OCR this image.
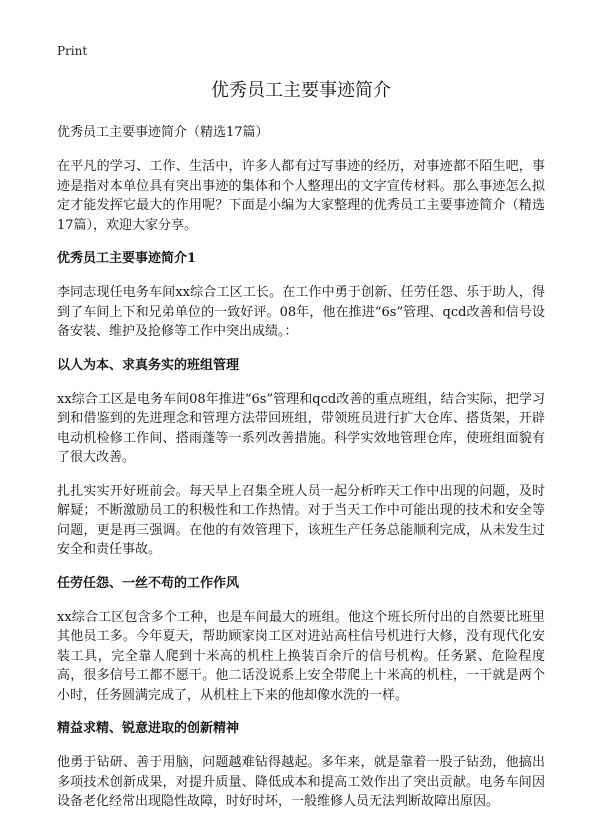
Print
优秀员工主要事迹简介

优秀员工主要事迹简介（精选17篇）

在平凡的学习、工作、生活中，许多人都有过写事迹的经历，对事迹都不陌生吧，事迹是指对本单位具有突出事迹的集体和个人整理出的文字宣传材料。那么事迹怎么拟定才能发挥它最大的作用呢？下面是小编为大家整理的优秀员工主要事迹简介（精选17篇），欢迎大家分享。

优秀员工主要事迹简介1

李同志现任电务车间xx综合工区工长。在工作中勇于创新、任劳任怨、乐于助人，得到了车间上下和兄弟单位的一致好评。08年，他在推进“6s”管理、qcd改善和信号设备安装、维护及抢修等工作中突出成绩。：

以人为本、求真务实的班组管理

xx综合工区是电务车间08年推进“6s”管理和qcd改善的重点班组，结合实际，把学习到和借鉴到的先进理念和管理方法带回班组，带领班员进行扩大仓库、搭货架，开辟电动机检修工作间、搭雨蓬等一系列改善措施。科学实效地管理仓库，使班组面貌有了很大改善。

扎扎实实开好班前会。每天早上召集全班人员一起分析昨天工作中出现的问题，及时解疑；不断激励员工的积极性和工作热情。对于当天工作中可能出现的技术和安全等问题，更是再三强调。在他的有效管理下，该班生产任务总能顺利完成，从未发生过安全和责任事故。

任劳任怨、一丝不苟的工作作风

xx综合工区包含多个工种，也是车间最大的班组。他这个班长所付出的自然要比班里其他员工多。今年夏天，帮助顾家岗工区对进站高柱信号机进行大修，没有现代化安装工具，完全靠人爬到十米高的机柱上换装百余斤的信号机构。任务紧、危险程度高，很多信号工都不愿干。他二话没说系上安全带爬上十米高的机柱，一干就是两个小时，任务圆满完成了，从机柱上下来的他却像水洗的一样。

精益求精、锐意进取的创新精神

他勇于钻研、善于用脑，问题越难钻得越起。多年来，就是靠着一股子钻劲，他搞出多项技术创新成果，对提升质量、降低成本和提高工效作出了突出贡献。电务车间因设备老化经常出现隐性故障，时好时坏，一般维修人员无法判断故障出原因。
